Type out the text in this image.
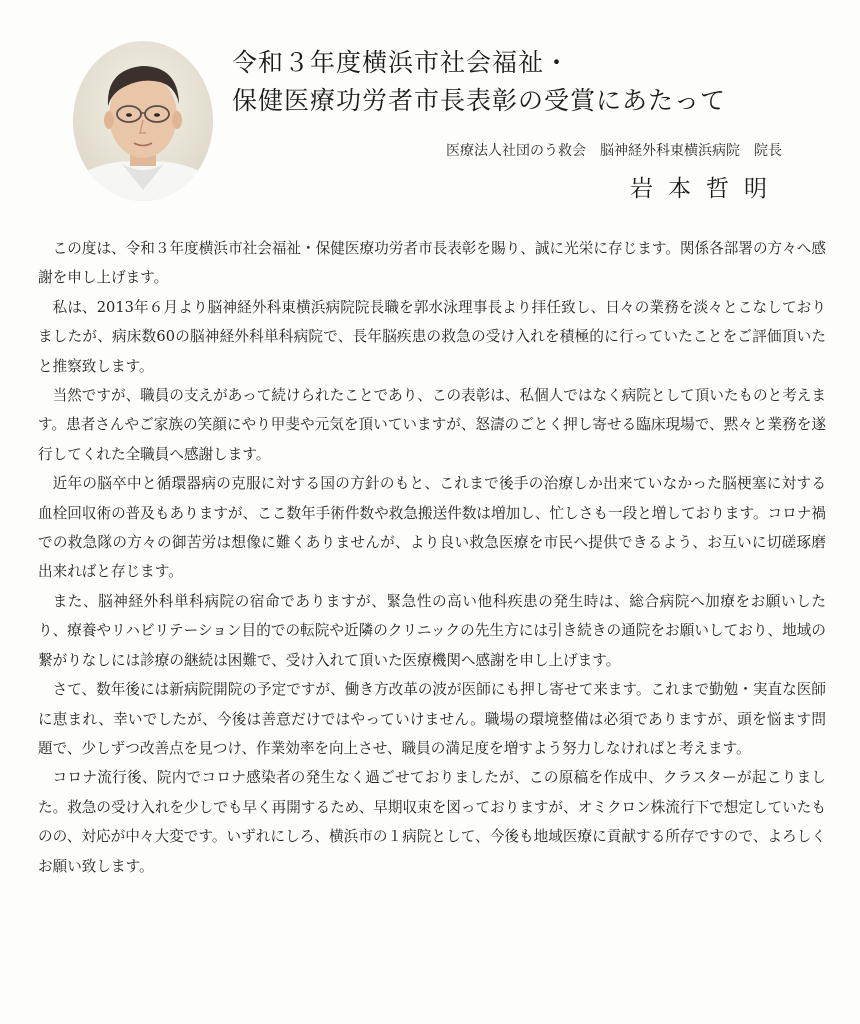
令和３年度横浜市社会福祉・
保健医療功労者市長表彰の受賞にあたって
医療法人社団のう救会　脳神経外科東横浜病院　院長
岩本哲明

この度は、令和３年度横浜市社会福祉・保健医療功労者市長表彰を賜り、誠に光栄に存じます。関係各部署の方々へ感謝を申し上げます。

私は、2013年６月より脳神経外科東横浜病院院長職を郭水泳理事長より拝任致し、日々の業務を淡々とこなしておりましたが、病床数60の脳神経外科単科病院で、長年脳疾患の救急の受け入れを積極的に行っていたことをご評価頂いたと推察致します。

当然ですが、職員の支えがあって続けられたことであり、この表彰は、私個人ではなく病院として頂いたものと考えます。患者さんやご家族の笑顔にやり甲斐や元気を頂いていますが、怒濤のごとく押し寄せる臨床現場で、黙々と業務を遂行してくれた全職員へ感謝します。

近年の脳卒中と循環器病の克服に対する国の方針のもと、これまで後手の治療しか出来ていなかった脳梗塞に対する血栓回収術の普及もありますが、ここ数年手術件数や救急搬送件数は増加し、忙しさも一段と増しております。コロナ禍での救急隊の方々の御苦労は想像に難くありませんが、より良い救急医療を市民へ提供できるよう、お互いに切磋琢磨出来ればと存じます。

また、脳神経外科単科病院の宿命でありますが、緊急性の高い他科疾患の発生時は、総合病院へ加療をお願いしたり、療養やリハビリテーション目的での転院や近隣のクリニックの先生方には引き続きの通院をお願いしており、地域の繋がりなしには診療の継続は困難で、受け入れて頂いた医療機関へ感謝を申し上げます。

さて、数年後には新病院開院の予定ですが、働き方改革の波が医師にも押し寄せて来ます。これまで勤勉・実直な医師に恵まれ、幸いでしたが、今後は善意だけではやっていけません。職場の環境整備は必須でありますが、頭を悩ます問題で、少しずつ改善点を見つけ、作業効率を向上させ、職員の満足度を増すよう努力しなければと考えます。

コロナ流行後、院内でコロナ感染者の発生なく過ごせておりましたが、この原稿を作成中、クラスターが起こりました。救急の受け入れを少しでも早く再開するため、早期収束を図っておりますが、オミクロン株流行下で想定していたものの、対応が中々大変です。いずれにしろ、横浜市の１病院として、今後も地域医療に貢献する所存ですので、よろしくお願い致します。
